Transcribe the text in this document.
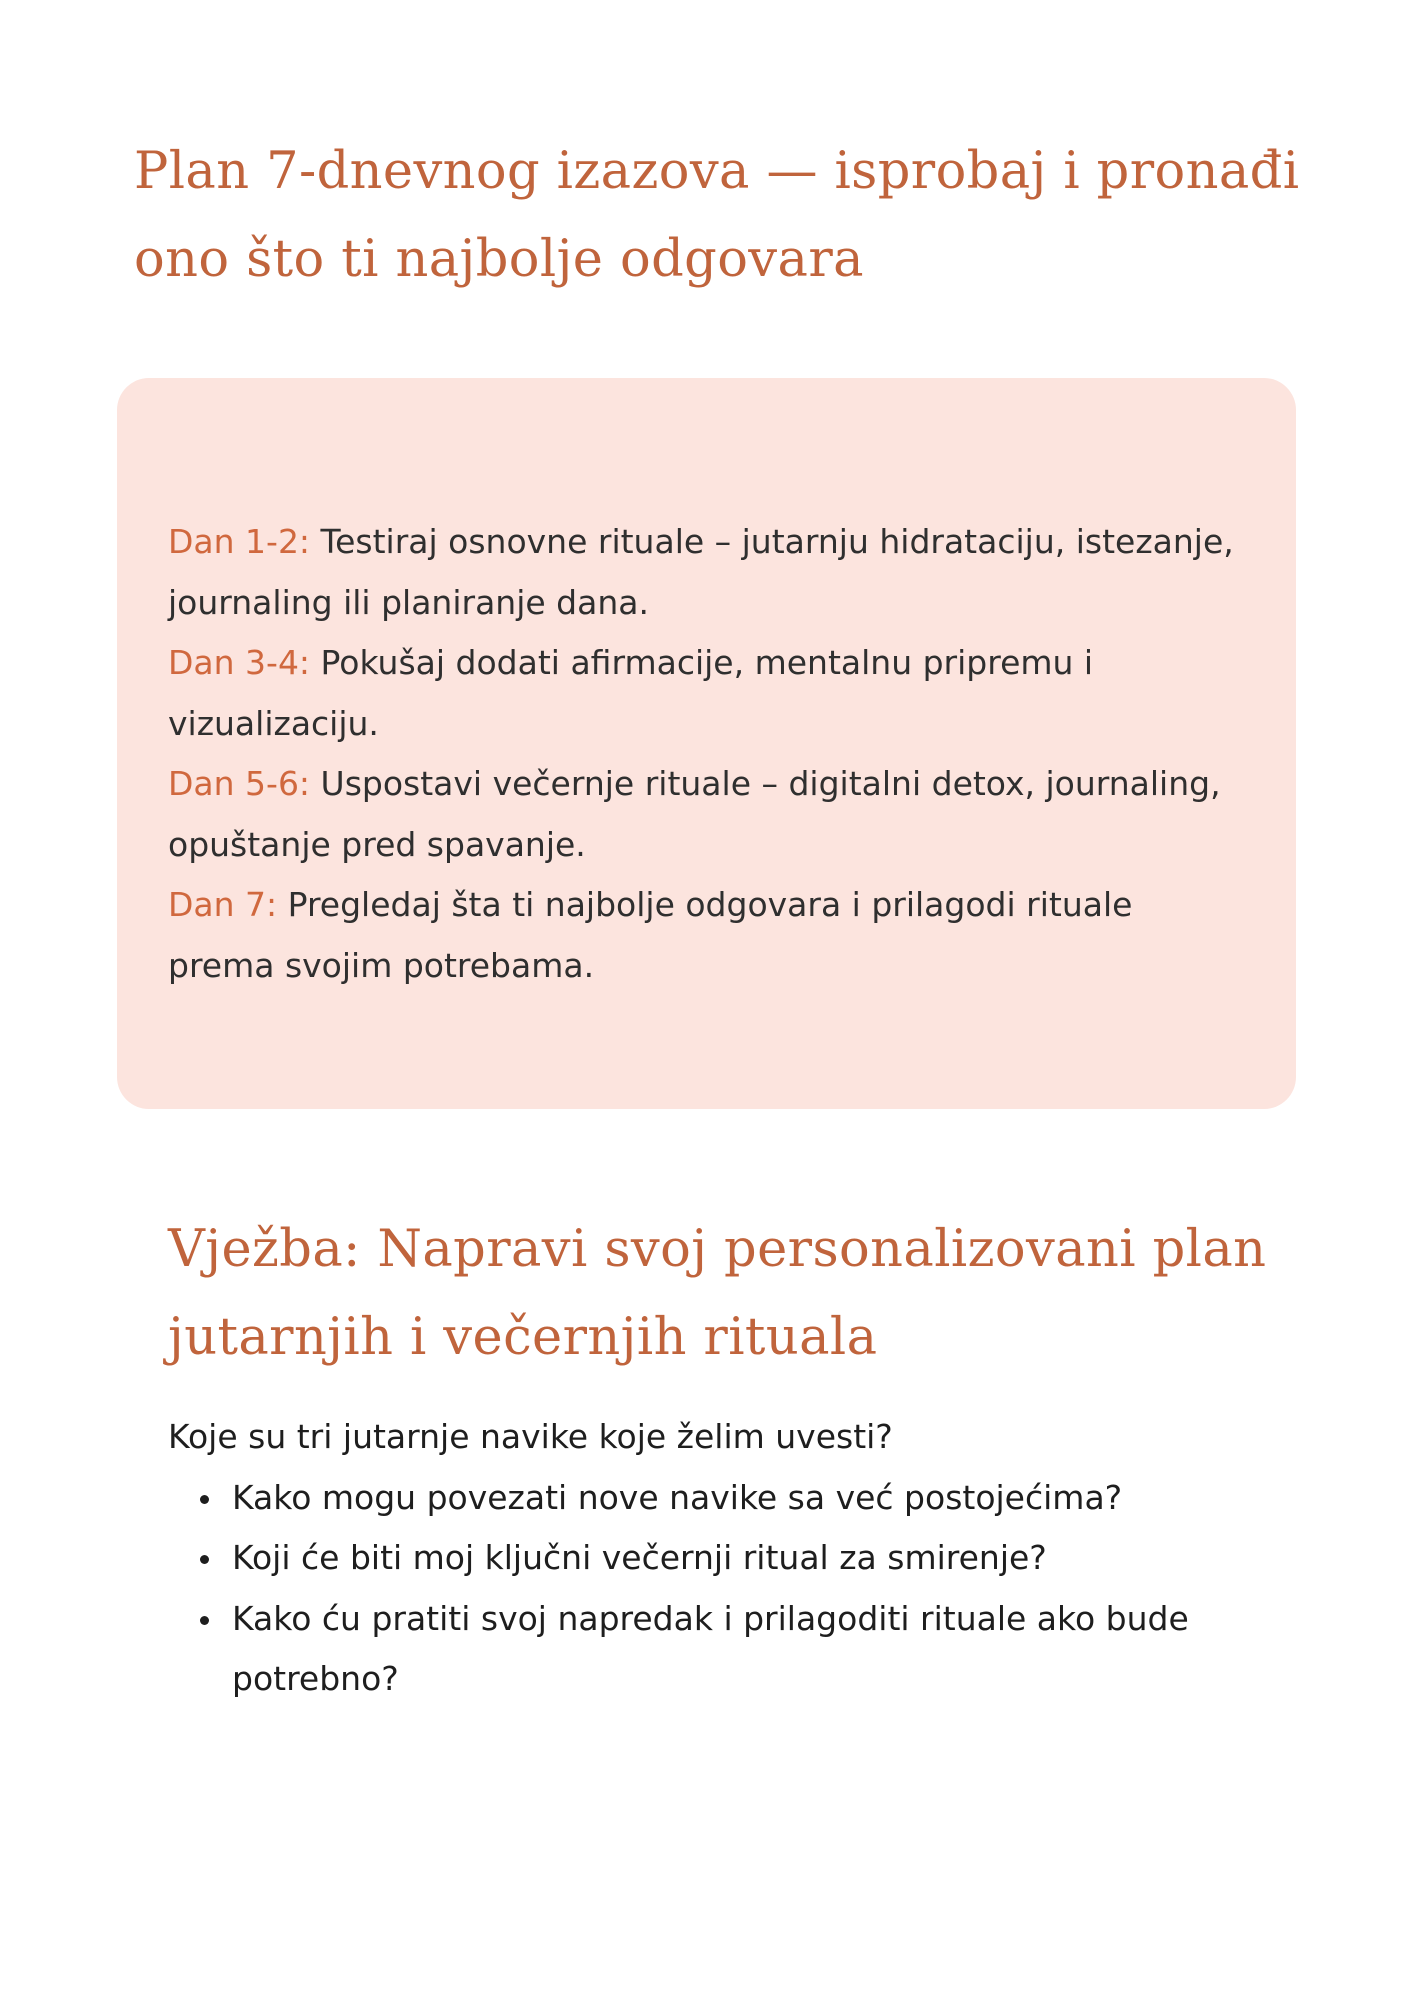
Plan 7-dnevnog izazova — isprobaj i pronađi
ono što ti najbolje odgovara
Dan 1-2: Testiraj osnovne rituale – jutarnju hidrataciju, istezanje,
journaling ili planiranje dana.
Dan 3-4: Pokušaj dodati afirmacije, mentalnu pripremu i
vizualizaciju.
Dan 5-6: Uspostavi večernje rituale – digitalni detox, journaling,
opuštanje pred spavanje.
Dan 7: Pregledaj šta ti najbolje odgovara i prilagodi rituale
prema svojim potrebama.
Vježba: Napravi svoj personalizovani plan
jutarnjih i večernjih rituala
Koje su tri jutarnje navike koje želim uvesti?
Kako mogu povezati nove navike sa već postojećima?
Koji će biti moj ključni večernji ritual za smirenje?
Kako ću pratiti svoj napredak i prilagoditi rituale ako bude
potrebno?
